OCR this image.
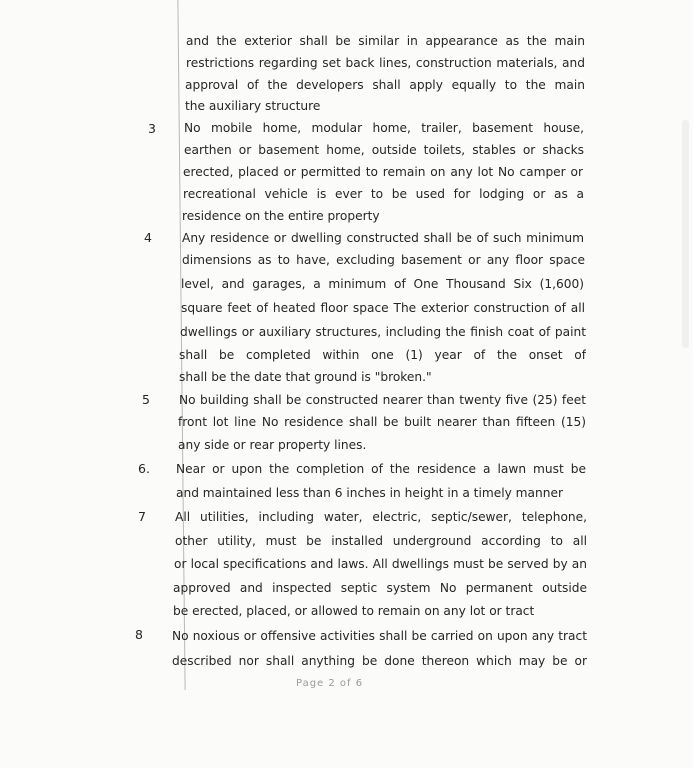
3
4
5
6.
7
8
and the exterior shall be similar in appearance as the main
restrictions regarding set back lines, construction materials, and
approval of the developers shall apply equally to the main
the auxiliary structure
No mobile home, modular home, trailer, basement house,
earthen or basement home, outside toilets, stables or shacks
erected, placed or permitted to remain on any lot No camper or
recreational vehicle is ever to be used for lodging or as a
residence on the entire property
Any residence or dwelling constructed shall be of such minimum
dimensions as to have, excluding basement or any floor space
level, and garages, a minimum of One Thousand Six (1,600)
square feet of heated floor space The exterior construction of all
dwellings or auxiliary structures, including the finish coat of paint
shall be completed within one (1) year of the onset of
shall be the date that ground is "broken."
No building shall be constructed nearer than twenty five (25) feet
front lot line No residence shall be built nearer than fifteen (15)
any side or rear property lines.
Near or upon the completion of the residence a lawn must be
and maintained less than 6 inches in height in a timely manner
All utilities, including water, electric, septic/sewer, telephone,
other utility, must be installed underground according to all
or local specifications and laws. All dwellings must be served by an
approved and inspected septic system No permanent outside
be erected, placed, or allowed to remain on any lot or tract
No noxious or offensive activities shall be carried on upon any tract
described nor shall anything be done thereon which may be or
Page 2 of 6
